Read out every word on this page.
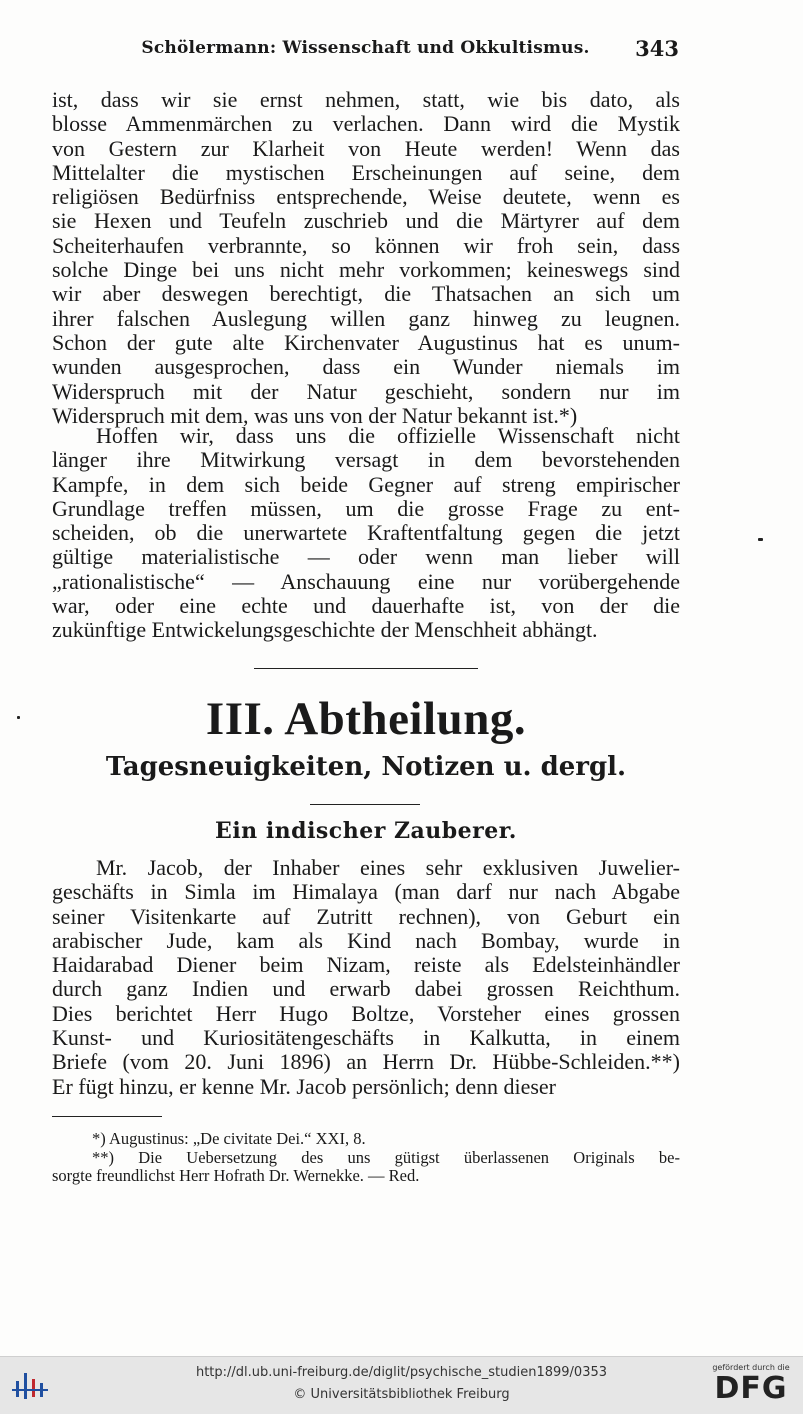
Schölermann: Wissenschaft und Okkultismus.	343
ist, dass wir sie ernst nehmen, statt, wie bis dato, als
blosse Ammenmärchen zu verlachen. Dann wird die Mystik
von Gestern zur Klarheit von Heute werden! Wenn das
Mittelalter die mystischen Erscheinungen auf seine, dem
religiösen Bedürfniss entsprechende, Weise deutete, wenn es
sie Hexen und Teufeln zuschrieb und die Märtyrer auf dem
Scheiterhaufen verbrannte, so können wir froh sein, dass
solche Dinge bei uns nicht mehr vorkommen; keineswegs sind
wir aber deswegen berechtigt, die Thatsachen an sich um
ihrer falschen Auslegung willen ganz hinweg zu leugnen.
Schon der gute alte Kirchenvater Augustinus hat es unum-
wunden ausgesprochen, dass ein Wunder niemals im
Widerspruch mit der Natur geschieht, sondern nur im
Widerspruch mit dem, was uns von der Natur bekannt ist.*)
Hoffen wir, dass uns die offizielle Wissenschaft nicht
länger ihre Mitwirkung versagt in dem bevorstehenden
Kampfe, in dem sich beide Gegner auf streng empirischer
Grundlage treffen müssen, um die grosse Frage zu ent-
scheiden, ob die unerwartete Kraftentfaltung gegen die jetzt
gültige materialistische — oder wenn man lieber will
„rationalistische“ — Anschauung eine nur vorübergehende
war, oder eine echte und dauerhafte ist, von der die
zukünftige Entwickelungsgeschichte der Menschheit abhängt.
III. Abtheilung.
Tagesneuigkeiten, Notizen u. dergl.
Ein indischer Zauberer.
Mr. Jacob, der Inhaber eines sehr exklusiven Juwelier-
geschäfts in Simla im Himalaya (man darf nur nach Abgabe
seiner Visitenkarte auf Zutritt rechnen), von Geburt ein
arabischer Jude, kam als Kind nach Bombay, wurde in
Haidarabad Diener beim Nizam, reiste als Edelsteinhändler
durch ganz Indien und erwarb dabei grossen Reichthum.
Dies berichtet Herr Hugo Boltze, Vorsteher eines grossen
Kunst- und Kuriositätengeschäfts in Kalkutta, in einem
Briefe (vom 20. Juni 1896) an Herrn Dr. Hübbe-Schleiden.**)
Er fügt hinzu, er kenne Mr. Jacob persönlich; denn dieser
*) Augustinus: „De civitate Dei.“ XXI, 8.
**) Die Uebersetzung des uns gütigst überlassenen Originals be-
sorgte freundlichst Herr Hofrath Dr. Wernekke. — Red.
http://dl.ub.uni-freiburg.de/diglit/psychische_studien1899/0353
© Universitätsbibliothek Freiburg
gefördert durch die
DFG
